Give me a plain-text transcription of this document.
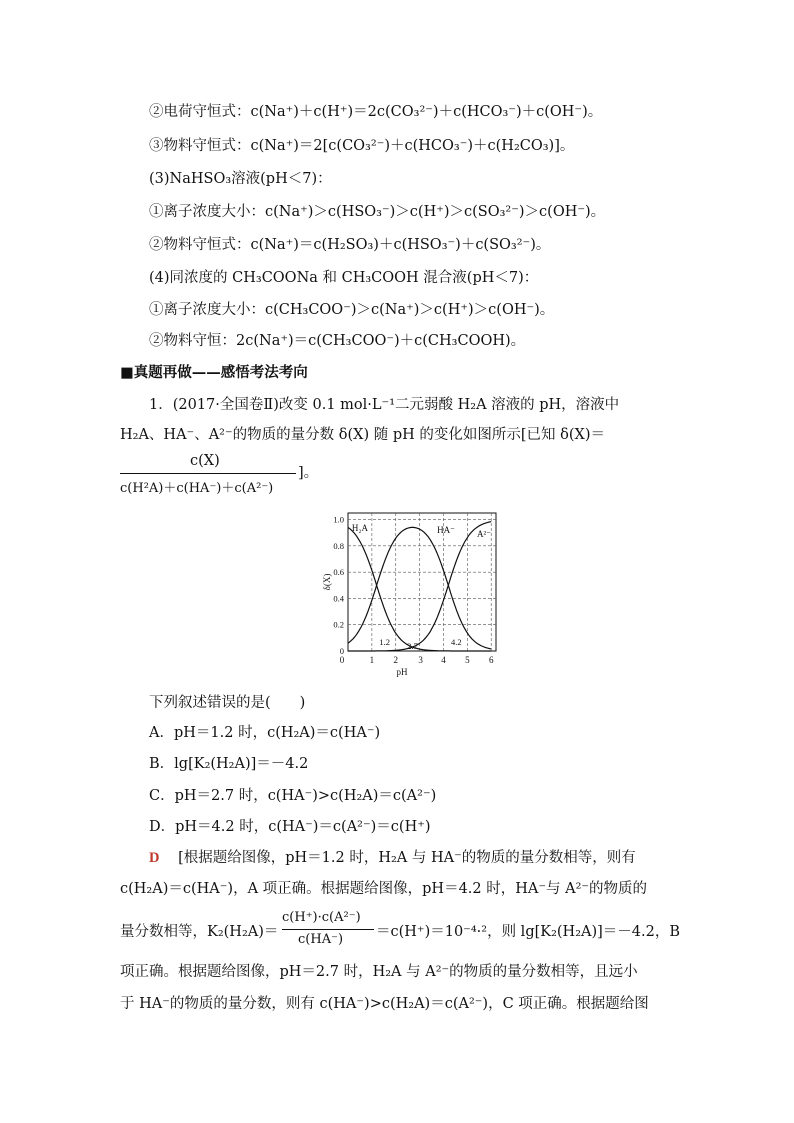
②电荷守恒式：c(Na⁺)＋c(H⁺)＝2c(CO₃²⁻)＋c(HCO₃⁻)＋c(OH⁻)。
③物料守恒式：c(Na⁺)＝2[c(CO₃²⁻)＋c(HCO₃⁻)＋c(H₂CO₃)]。
(3)NaHSO₃溶液(pH＜7)：
①离子浓度大小：c(Na⁺)＞c(HSO₃⁻)＞c(H⁺)＞c(SO₃²⁻)＞c(OH⁻)。
②物料守恒式：c(Na⁺)＝c(H₂SO₃)＋c(HSO₃⁻)＋c(SO₃²⁻)。
(4)同浓度的 CH₃COONa 和 CH₃COOH 混合液(pH＜7)：
①离子浓度大小：c(CH₃COO⁻)＞c(Na⁺)＞c(H⁺)＞c(OH⁻)。
②物料守恒：2c(Na⁺)＝c(CH₃COO⁻)＋c(CH₃COOH)。
■真题再做——感悟考法考向
1．(2017·全国卷Ⅱ)改变 0.1 mol·L⁻¹二元弱酸 H₂A 溶液的 pH，溶液中
H₂A、HA⁻、A²⁻的物质的量分数 δ(X) 随 pH 的变化如图所示[已知 δ(X)＝
c(X)
c(H²A)＋c(HA⁻)＋c(A²⁻)
]。
0
0.2
0.4
0.6
0.8
1.0
1 2 3 4 5 6
pH
δ(X)
H₂A	HA⁻ A²⁻
1.2 2.7	4.2
0
下列叙述错误的是(　　)
A．pH＝1.2 时，c(H₂A)＝c(HA⁻)
B．lg[K₂(H₂A)]＝－4.2
C．pH＝2.7 时，c(HA⁻)>c(H₂A)＝c(A²⁻)
D．pH＝4.2 时，c(HA⁻)＝c(A²⁻)＝c(H⁺)
D [根据题给图像，pH＝1.2 时，H₂A 与 HA⁻的物质的量分数相等，则有
c(H₂A)＝c(HA⁻)，A 项正确。根据题给图像，pH＝4.2 时，HA⁻与 A²⁻的物质的
量分数相等，K₂(H₂A)＝
c(H⁺)·c(A²⁻)
c(HA⁻) ＝c(H⁺)＝10⁻⁴·²，则 lg[K₂(H₂A)]＝－4.2，B
项正确。根据题给图像，pH＝2.7 时，H₂A 与 A²⁻的物质的量分数相等，且远小
于 HA⁻的物质的量分数，则有 c(HA⁻)>c(H₂A)＝c(A²⁻)，C 项正确。根据题给图
